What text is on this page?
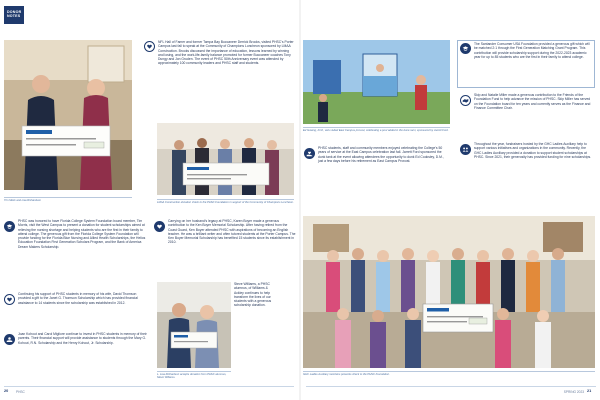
DONOR
NOTES
Tim Meck and Lisa Richardson
NFL Hall of Famer and former Tampa Bay Buccaneer Derrick Brooks, visited PHSC’s Porter Campus last fall to speak at the Community of Champions Luncheon sponsored by LMAA Construction. Brooks discussed the importance of education, lessons learned by winning and losing, and the work-life-family balance promoted for former Buccaneer coaches Tony Dungy and Jon Gruden. The event of PHSC 50th Anniversary event was attended by approximately 100 community leaders and PHSC staff and students.
LMAA Construction donation check to the PHSC Foundation in support of the Community of Champions Luncheon.
PHSC was honored to have Florida College System Foundation board member, Tim Morris, visit the West Campus to present a donation for student scholarships aimed at relieving the nursing shortage and helping students who are the first in their family to attend college. The generous gift from the Florida College System Foundation will provide funding for the Florida Blue Nursing and Allied Health Scholarships, the Helios Education Foundation First Generation Scholars Program, and the Bank of America Dream Makers Scholarship.
Continuing his support of PHSC students in memory of his wife, David Thomson provided a gift to the Janet G. Thomson Scholarship which has provided financial assistance to 14 students since the scholarship was established in 2012.
Joan Kohout and Carol Migliore continue to invest in PHSC students in memory of their parents. Their financial support will provide assistance to students through the Mary G. Kohout, R.N. Scholarship and the Henry Kohout, Jr. Scholarship.
Carrying on her husband’s legacy at PHSC, Karen Boyer made a generous contribution to the Ken Boyer Memorial Scholarship. After having retired from the Coast Guard, Ken Boyer attended PHSC with aspirations of becoming an English teacher. He was a brilliant writer and often tutored students at the Porter Campus. The Ken Boyer Memorial Scholarship has benefited 15 students since its establishment in 2010.
L. Lisa Richardson accepts donation from PHSC alumnus, Steve Williams.
Steve Williams, a PHSC alumnus, of Williams & Ackley continues to help transform the lives of our students with a generous scholarship donation.
Ed Gowing, D.M., vets visited East Campus provost, celebrating a pool added in the dune rami, sponsored by Jarrett Ford.
PHSC students, staff and community members enjoyed celebrating the College’s 50 years of service at the East Campus celebration last fall. Jarrett Ford sponsored the dunk tank at the event allowing attendees the opportunity to dunk Ed Cooksley, D.M., just a few days before his retirement as East Campus Provost.
The Santander Consumer USA Foundation provided a generous gift which will be matched 2:1 through the First Generation Matching Grant Program. This contribution will provide scholarship support during the 2022-2023 academic year for up to 85 students who are the first in their family to attend college.
Skip and Natalie Miller made a generous contribution to the Friends of the Foundation Fund to help advance the mission of PHSC. Skip Miller has served on the Foundation board for ten years and currently serves as the Finance and Finance Committee Chair.
Throughout the year, fundraisers hosted by the GHC Ladies Auxiliary help to support various initiatives and organizations in the community. Recently, the GHC Ladies Auxiliary provided a donation to support student scholarships at PHSC. Since 2021, their generosity has provided funding for nine scholarships.
GHC Ladies Auxiliary members presents check to the PHSC Foundation.
20 PHSC	SPRING 2023 21
